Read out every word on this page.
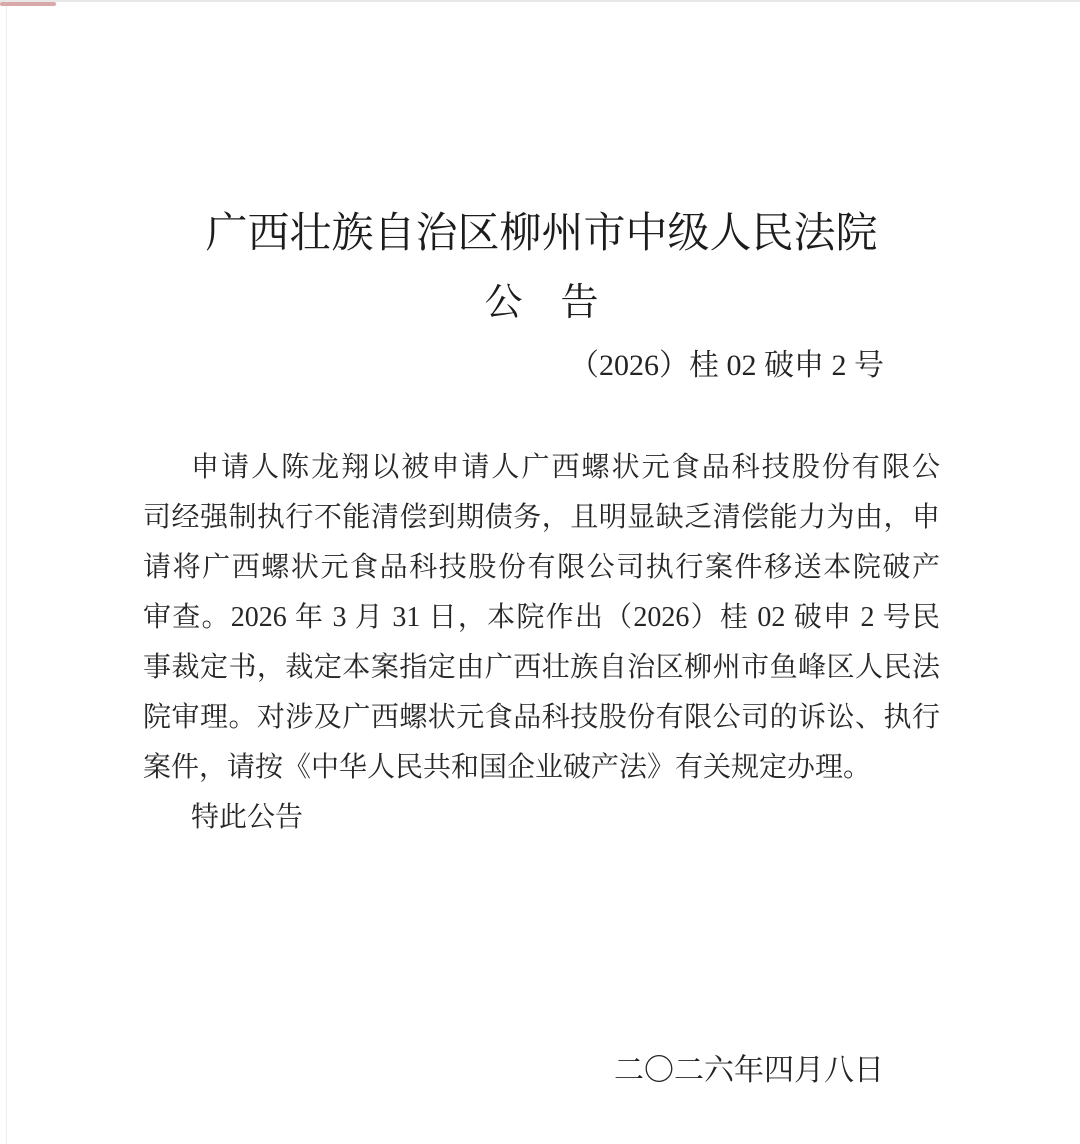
广西壮族自治区柳州市中级人民法院
公　告
（2026）桂 02 破申 2 号
申请人陈龙翔以被申请人广西螺状元食品科技股份有限公
司经强制执行不能清偿到期债务，且明显缺乏清偿能力为由，申
请将广西螺状元食品科技股份有限公司执行案件移送本院破产
审查。2026 年 3 月 31 日，本院作出（2026）桂 02 破申 2 号民
事裁定书，裁定本案指定由广西壮族自治区柳州市鱼峰区人民法
院审理。对涉及广西螺状元食品科技股份有限公司的诉讼、执行
案件，请按《中华人民共和国企业破产法》有关规定办理。
特此公告
二〇二六年四月八日
